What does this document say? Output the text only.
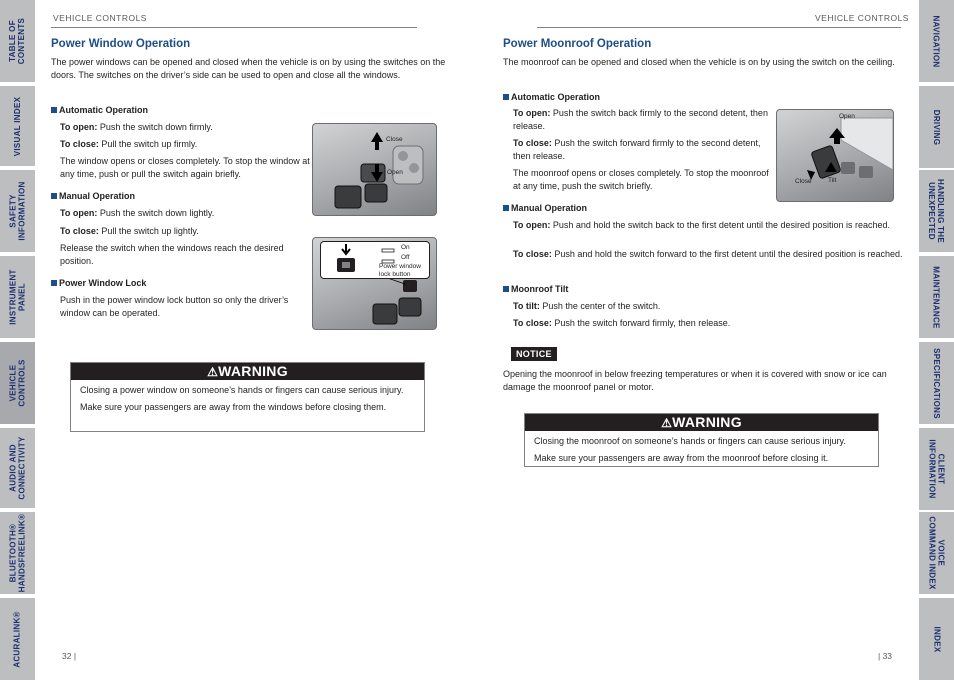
TABLE OF
CONTENTS
VISUAL INDEX
SAFETY
INFORMATION
INSTRUMENT
PANEL
VEHICLE
CONTROLS
AUDIO AND
CONNECTIVITY
BLUETOOTH®
HANDSFREELINK®
ACURALINK®
NAVIGATION
DRIVING
HANDLING THE
UNEXPECTED
MAINTENANCE
SPECIFICATIONS
CLIENT
INFORMATION
VOICE
COMMAND INDEX
INDEX
VEHICLE CONTROLS
Power Window Operation
The power windows can be opened and closed when the vehicle is on by using the switches on the doors. The switches on the driver’s side can be used to open and close all the windows.
Automatic Operation
To open: Push the switch down firmly.
To close: Pull the switch up firmly.
The window opens or closes completely. To stop the window at any time, push or pull the switch again briefly.
Manual Operation
To open: Push the switch down lightly.
To close: Pull the switch up lightly.
Release the switch when the windows reach the desired position.
Power Window Lock
Push in the power window lock button so only the driver’s window can be operated.
Close
Open
On
Off
Power window
lock button
⚠WARNING
Closing a power window on someone’s hands or fingers can cause serious injury.
Make sure your passengers are away from the windows before closing them.
32 |
VEHICLE CONTROLS
Power Moonroof Operation
The moonroof can be opened and closed when the vehicle is on by using the switch on the ceiling.
Automatic Operation
To open: Push the switch back firmly to the second detent, then release.
To close: Push the switch forward firmly to the second detent, then release.
The moonroof opens or closes completely. To stop the moonroof at any time, push the switch briefly.
Manual Operation
To open: Push and hold the switch back to the first detent until the desired position is reached.
To close: Push and hold the switch forward to the first detent until the desired position is reached.
Moonroof Tilt
To tilt: Push the center of the switch.
To close: Push the switch forward firmly, then release.
Open
Close	Tilt
NOTICE
Opening the moonroof in below freezing temperatures or when it is covered with snow or ice can damage the moonroof panel or motor.
⚠WARNING
Closing the moonroof on someone’s hands or fingers can cause serious injury.
Make sure your passengers are away from the moonroof before closing it.
| 33
